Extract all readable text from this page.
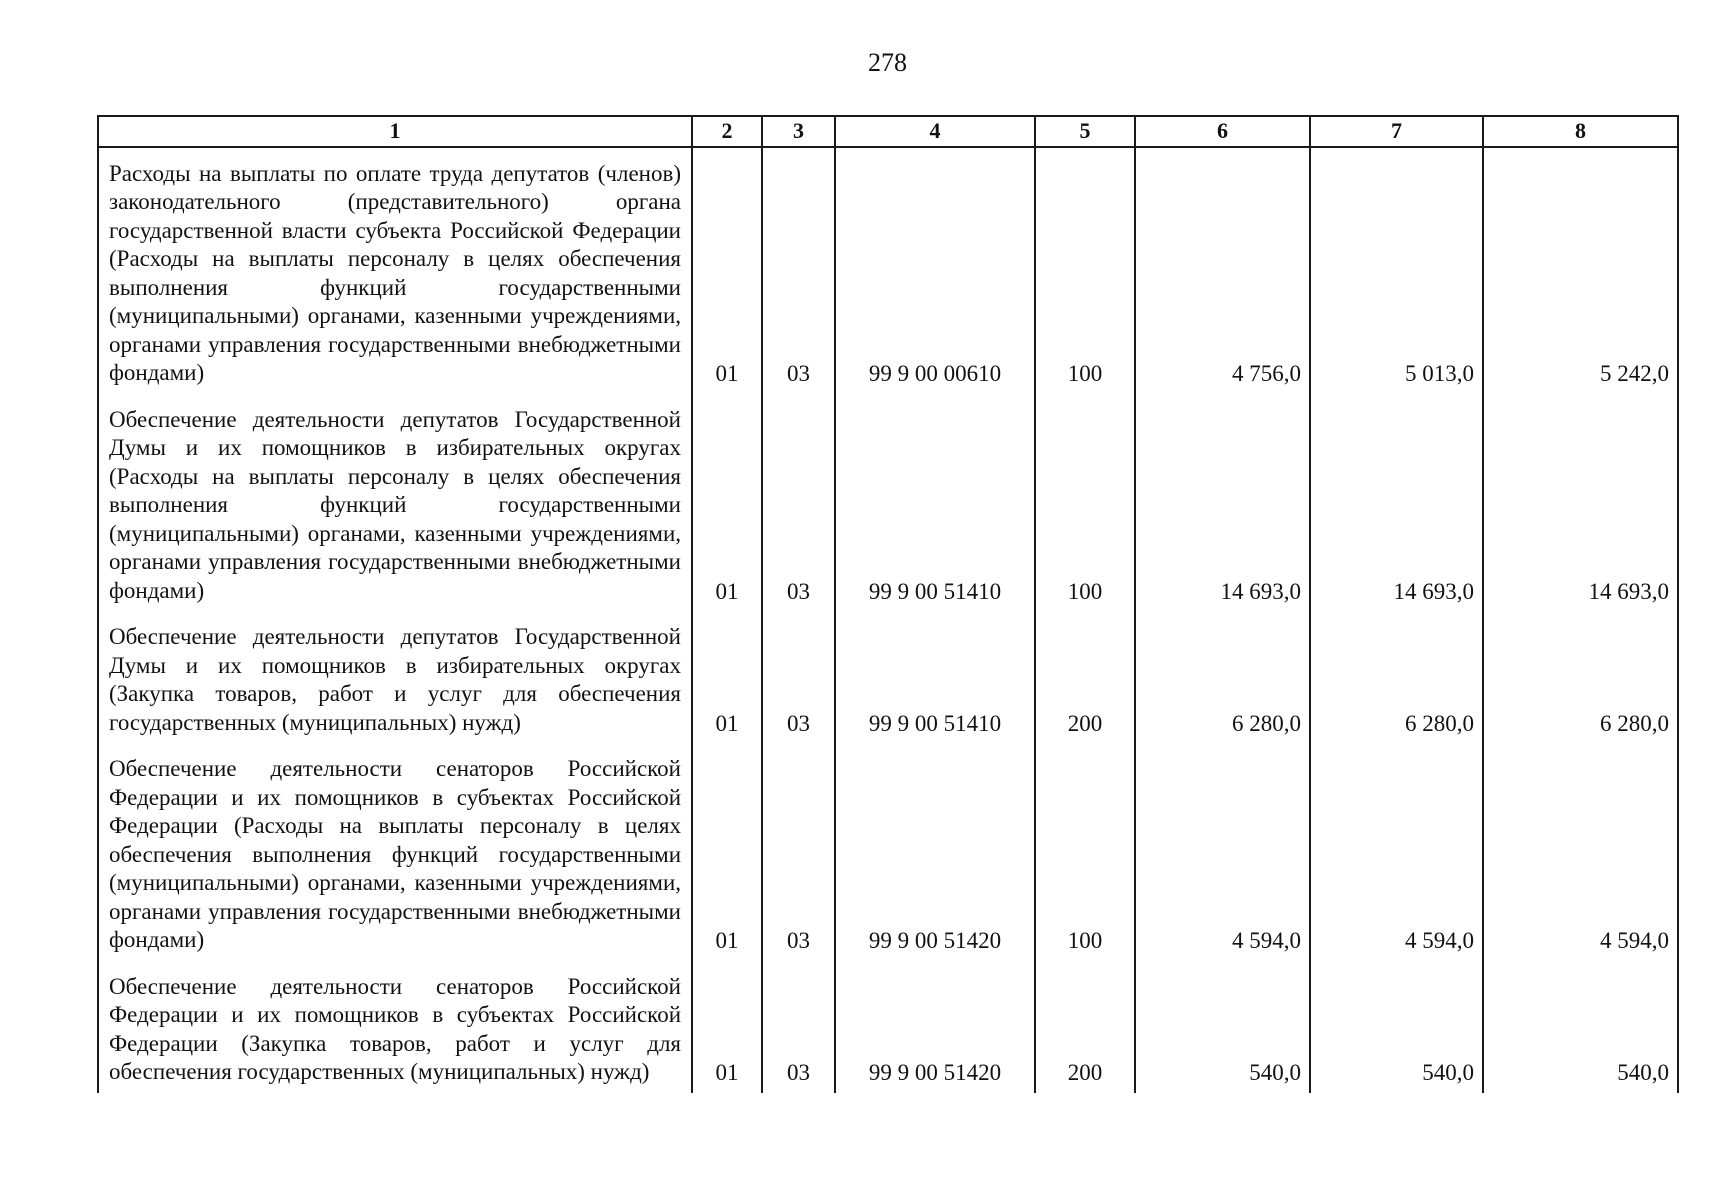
278
1	2	3	4	5	6	7	8
Расходы на выплаты по оплате труда депутатов (членов) законодательного (представительного) органа государственной власти субъекта Российской Федерации (Расходы на выплаты персоналу в целях обеспечения выполнения функций государственными (муниципальными) органами, казенными учреждениями, органами управления государственными внебюджетными фондами)	01	03	99 9 00 00610	100	4 756,0	5 013,0	5 242,0
Обеспечение деятельности депутатов Государственной Думы и их помощников в избирательных округах (Расходы на выплаты персоналу в целях обеспечения выполнения функций государственными (муниципальными) органами, казенными учреждениями, органами управления государственными внебюджетными фондами)	01	03	99 9 00 51410	100	14 693,0	14 693,0	14 693,0
Обеспечение деятельности депутатов Государственной Думы и их помощников в избирательных округах (Закупка товаров, работ и услуг для обеспечения государственных (муниципальных) нужд)	01	03	99 9 00 51410	200	6 280,0	6 280,0	6 280,0
Обеспечение деятельности сенаторов Российской Федерации и их помощников в субъектах Российской Федерации (Расходы на выплаты персоналу в целях обеспечения выполнения функций государственными (муниципальными) органами, казенными учреждениями, органами управления государственными внебюджетными фондами)	01	03	99 9 00 51420	100	4 594,0	4 594,0	4 594,0
Обеспечение деятельности сенаторов Российской Федерации и их помощников в субъектах Российской Федерации (Закупка товаров, работ и услуг для обеспечения государственных (муниципальных) нужд)	01	03	99 9 00 51420	200	540,0	540,0	540,0
